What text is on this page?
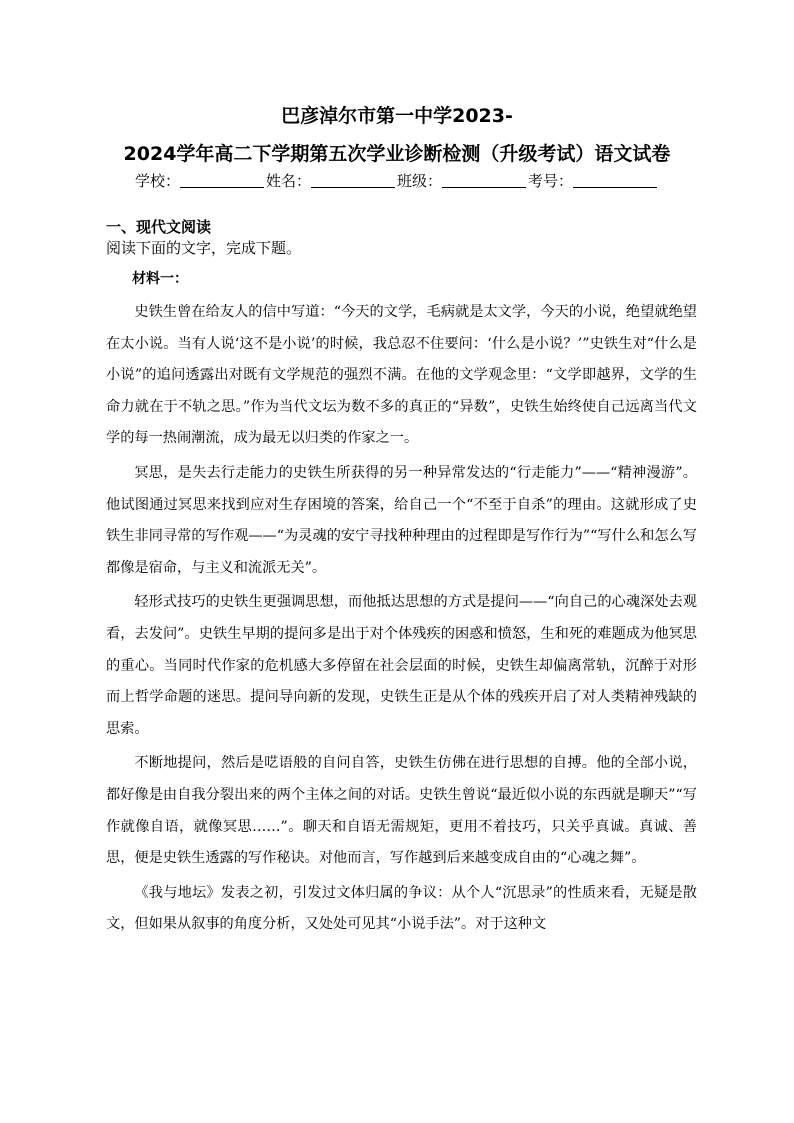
巴彦淖尔市第一中学2023-
2024学年高二下学期第五次学业诊断检测（升级考试）语文试卷
学校：	姓名：	班级：	考号：
一、现代文阅读
阅读下面的文字，完成下题。
材料一：

史铁生曾在给友人的信中写道：“今天的文学，毛病就是太文学，今天的小说，绝望就绝望在太小说。当有人说‘这不是小说’的时候，我总忍不住要问：‘什么是小说？’”史铁生对“什么是小说”的追问透露出对既有文学规范的强烈不满。在他的文学观念里：“文学即越界，文学的生命力就在于不轨之思。”作为当代文坛为数不多的真正的“异数”，史铁生始终使自己远离当代文学的每一热闹潮流，成为最无以归类的作家之一。

冥思，是失去行走能力的史铁生所获得的另一种异常发达的“行走能力”——“精神漫游”。他试图通过冥思来找到应对生存困境的答案，给自己一个“不至于自杀”的理由。这就形成了史铁生非同寻常的写作观——“为灵魂的安宁寻找种种理由的过程即是写作行为”“写什么和怎么写都像是宿命，与主义和流派无关”。

轻形式技巧的史铁生更强调思想，而他抵达思想的方式是提问——“向自己的心魂深处去观看，去发问”。史铁生早期的提问多是出于对个体残疾的困惑和愤怒，生和死的难题成为他冥思的重心。当同时代作家的危机感大多停留在社会层面的时候，史铁生却偏离常轨，沉醉于对形而上哲学命题的迷思。提问导向新的发现，史铁生正是从个体的残疾开启了对人类精神残缺的思索。

不断地提问，然后是呓语般的自问自答，史铁生仿佛在进行思想的自搏。他的全部小说，都好像是由自我分裂出来的两个主体之间的对话。史铁生曾说“最近似小说的东西就是聊天”“写作就像自语，就像冥思……”。聊天和自语无需规矩，更用不着技巧，只关乎真诚。真诚、善思，便是史铁生透露的写作秘诀。对他而言，写作越到后来越变成自由的“心魂之舞”。

《我与地坛》发表之初，引发过文体归属的争议：从个人“沉思录”的性质来看，无疑是散文，但如果从叙事的角度分析，又处处可见其“小说手法”。对于这种文
